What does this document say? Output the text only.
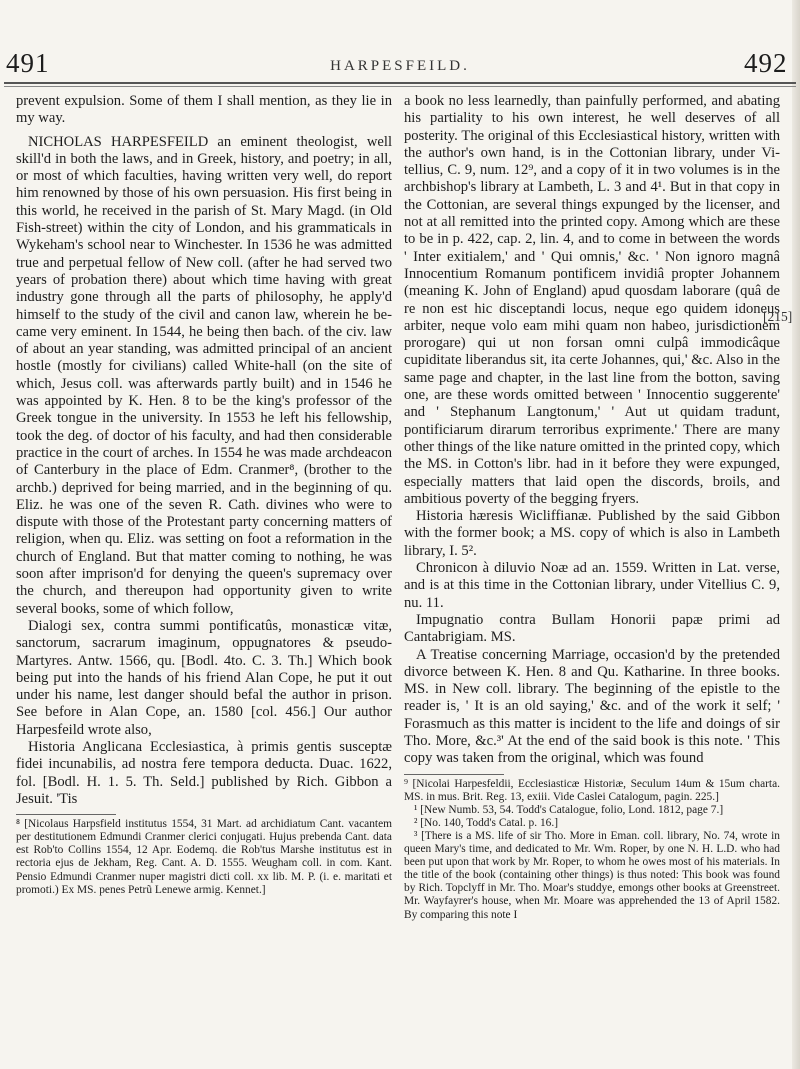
491	HARPESFEILD.	492

prevent expulsion. Some of them I shall mention, as they lie in my way.

NICHOLAS HARPESFEILD an eminent theologist, well skill'd in both the laws, and in Greek, history, and poetry; in all, or most of which faculties, having written very well, do report him renowned by those of his own persuasion. His first being in this world, he received in the parish of St. Mary Magd. (in Old Fish-street) within the city of London, and his grammaticals in Wykeham's school near to Winchester. In 1536 he was admitted true and perpetual fellow of New coll. (after he had served two years of probation there) about which time having with great industry gone through all the parts of philosophy, he apply'd himself to the study of the civil and canon law, wherein he became very eminent. In 1544, he being then bach. of the civ. law of about an year standing, was admitted principal of an ancient hostle (mostly for civilians) called White-hall (on the site of which, Jesus coll. was afterwards partly built) and in 1546 he was appointed by K. Hen. 8 to be the king's professor of the Greek tongue in the university. In 1553 he left his fellowship, took the deg. of doctor of his faculty, and had then considerable practice in the court of arches. In 1554 he was made archdeacon of Canterbury in the place of Edm. Cranmer⁸, (brother to the archb.) deprived for being married, and in the beginning of qu. Eliz. he was one of the seven R. Cath. divines who were to dispute with those of the Protestant party concerning matters of religion, when qu. Eliz. was setting on foot a reformation in the church of England. But that matter coming to nothing, he was soon after imprison'd for denying the queen's supremacy over the church, and thereupon had opportunity given to write several books, some of which follow,

Dialogi sex, contra summi pontificatûs, monasticæ vitæ, sanctorum, sacrarum imaginum, oppugnatores & pseudo-Martyres. Antw. 1566, qu. [Bodl. 4to. C. 3. Th.] Which book being put into the hands of his friend Alan Cope, he put it out under his name, lest danger should befal the author in prison. See before in Alan Cope, an. 1580 [col. 456.] Our author Harpesfeild wrote also,

Historia Anglicana Ecclesiastica, à primis gentis susceptæ fidei incunabilis, ad nostra fere tempora deducta. Duac. 1622, fol. [Bodl. H. 1. 5. Th. Seld.] published by Rich. Gibbon a Jesuit. 'Tis

⁸ [Nicolaus Harpsfield institutus 1554, 31 Mart. ad archidiatum Cant. vacantem per destitutionem Edmundi Cranmer clerici conjugati. Hujus prebenda Cant. data est Rob'to Collins 1554, 12 Apr. Eodemq. die Rob'tus Marshe institutus est in rectoria ejus de Jekham, Reg. Cant. A. D. 1555. Weugham coll. in com. Kant. Pensio Edmundi Cranmer nuper magistri dicti coll. xx lib. M. P. (i. e. maritati et promoti.) Ex MS. penes Petrũ Lenewe armig. Kennet.]

a book no less learnedly, than painfully performed, and abating his partiality to his own interest, he well deserves of all posterity. The original of this Ecclesiastical history, written with the author's own hand, is in the Cottonian library, under Vitellius, C. 9, num. 12⁹, and a copy of it in two volumes is in the archbishop's library at Lambeth, L. 3 and 4¹. But in that copy in the Cottonian, are several things expunged by the licenser, and not at all remitted into the printed copy. Among which are these to be in p. 422, cap. 2, lin. 4, and to come in between the words ' Inter exitialem,' and ' Qui omnis,' &c. ' Non ignoro magnâ Innocentium Romanum pontificem invidiâ propter Johannem (meaning K. John of England) apud quosdam laborare (quâ de re non est hic disceptandi locus, neque ego quidem idoneus arbiter, neque volo eam mihi quam non habeo, jurisdictionem prorogare) qui ut non forsan omni culpâ immodicâque cupiditate liberandus sit, ita certe Johannes, qui,' &c. Also in the same page and chapter, in the last line from the botton, saving one, are these words omitted between ' Innocentio suggerente' and ' Stephanum Langtonum,' ' Aut ut quidam tradunt, pontificiarum dirarum terroribus exprimente.' There are many other things of the like nature omitted in the printed copy, which the MS. in Cotton's libr. had in it before they were expunged, especially matters that laid open the discords, broils, and ambitious poverty of the begging fryers.

Historia hæresis Wicliffianæ. Published by the said Gibbon with the former book; a MS. copy of which is also in Lambeth library, I. 5².

Chronicon à diluvio Noæ ad an. 1559. Written in Lat. verse, and is at this time in the Cottonian library, under Vitellius C. 9, nu. 11.

Impugnatio contra Bullam Honorii papæ primi ad Cantabrigiam. MS.

A Treatise concerning Marriage, occasion'd by the pretended divorce between K. Hen. 8 and Qu. Katharine. In three books. MS. in New coll. library. The beginning of the epistle to the reader is, ' It is an old saying,' &c. and of the work it self; ' Forasmuch as this matter is incident to the life and doings of sir Tho. More, &c.³' At the end of the said book is this note. ' This copy was taken from the original, which was found

⁹ [Nicolai Harpesfeldii, Ecclesiasticæ Historiæ, Seculum 14um & 15um charta. MS. in mus. Brit. Reg. 13, exiii. Vide Caslei Catalogum, pagin. 225.]

¹ [New Numb. 53, 54. Todd's Catalogue, folio, Lond. 1812, page 7.]

² [No. 140, Todd's Catal. p. 16.]

³ [There is a MS. life of sir Tho. More in Eman. coll. library, No. 74, wrote in queen Mary's time, and dedicated to Mr. Wm. Roper, by one N. H. L.D. who had been put upon that work by Mr. Roper, to whom he owes most of his materials. In the title of the book (containing other things) is thus noted: This book was found by Rich. Topclyff in Mr. Tho. Moar's studdye, emongs other books at Greenstreet. Mr. Wayfayrer's house, when Mr. Moare was apprehended the 13 of April 1582. By comparing this note I

[215]
